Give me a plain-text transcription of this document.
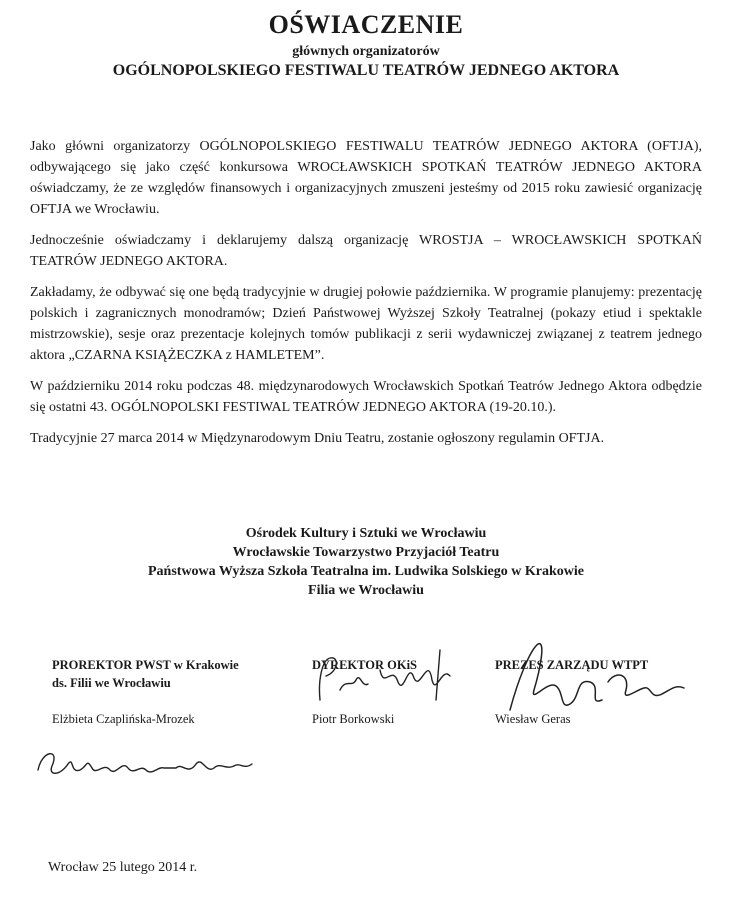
OŚWIACZENIE
głównych organizatorów
OGÓLNOPOLSKIEGO FESTIWALU TEATRÓW JEDNEGO AKTORA

Jako główni organizatorzy OGÓLNOPOLSKIEGO FESTIWALU TEATRÓW JEDNEGO AKTORA (OFTJA), odbywającego się jako część konkursowa WROCŁAWSKICH SPOTKAŃ TEATRÓW JEDNEGO AKTORA oświadczamy, że ze względów finansowych i organizacyjnych zmuszeni jesteśmy od 2015 roku zawiesić organizację OFTJA we Wrocławiu.

Jednocześnie oświadczamy i deklarujemy dalszą organizację WROSTJA – WROCŁAWSKICH SPOTKAŃ TEATRÓW JEDNEGO AKTORA.

Zakładamy, że odbywać się one będą tradycyjnie w drugiej połowie października. W programie planujemy: prezentację polskich i zagranicznych monodramów; Dzień Państwowej Wyższej Szkoły Teatralnej (pokazy etiud i spektakle mistrzowskie), sesje oraz prezentacje kolejnych tomów publikacji z serii wydawniczej związanej z teatrem jednego aktora „CZARNA KSIĄŻECZKA z HAMLETEM”.

W październiku 2014 roku podczas 48. międzynarodowych Wrocławskich Spotkań Teatrów Jednego Aktora odbędzie się ostatni 43. OGÓLNOPOLSKI FESTIWAL TEATRÓW JEDNEGO AKTORA (19-20.10.).

Tradycyjnie 27 marca 2014 w Międzynarodowym Dniu Teatru, zostanie ogłoszony regulamin OFTJA.

Ośrodek Kultury i Sztuki we Wrocławiu
Wrocławskie Towarzystwo Przyjaciół Teatru
Państwowa Wyższa Szkoła Teatralna im. Ludwika Solskiego w Krakowie
Filia we Wrocławiu
PROREKTOR PWST w Krakowie
ds. Filii we Wrocławiu
Elżbieta Czaplińska-Mrozek
DYREKTOR OKiS
Piotr Borkowski
PREZES ZARZĄDU WTPT
Wiesław Geras
Wrocław 25 lutego 2014 r.
